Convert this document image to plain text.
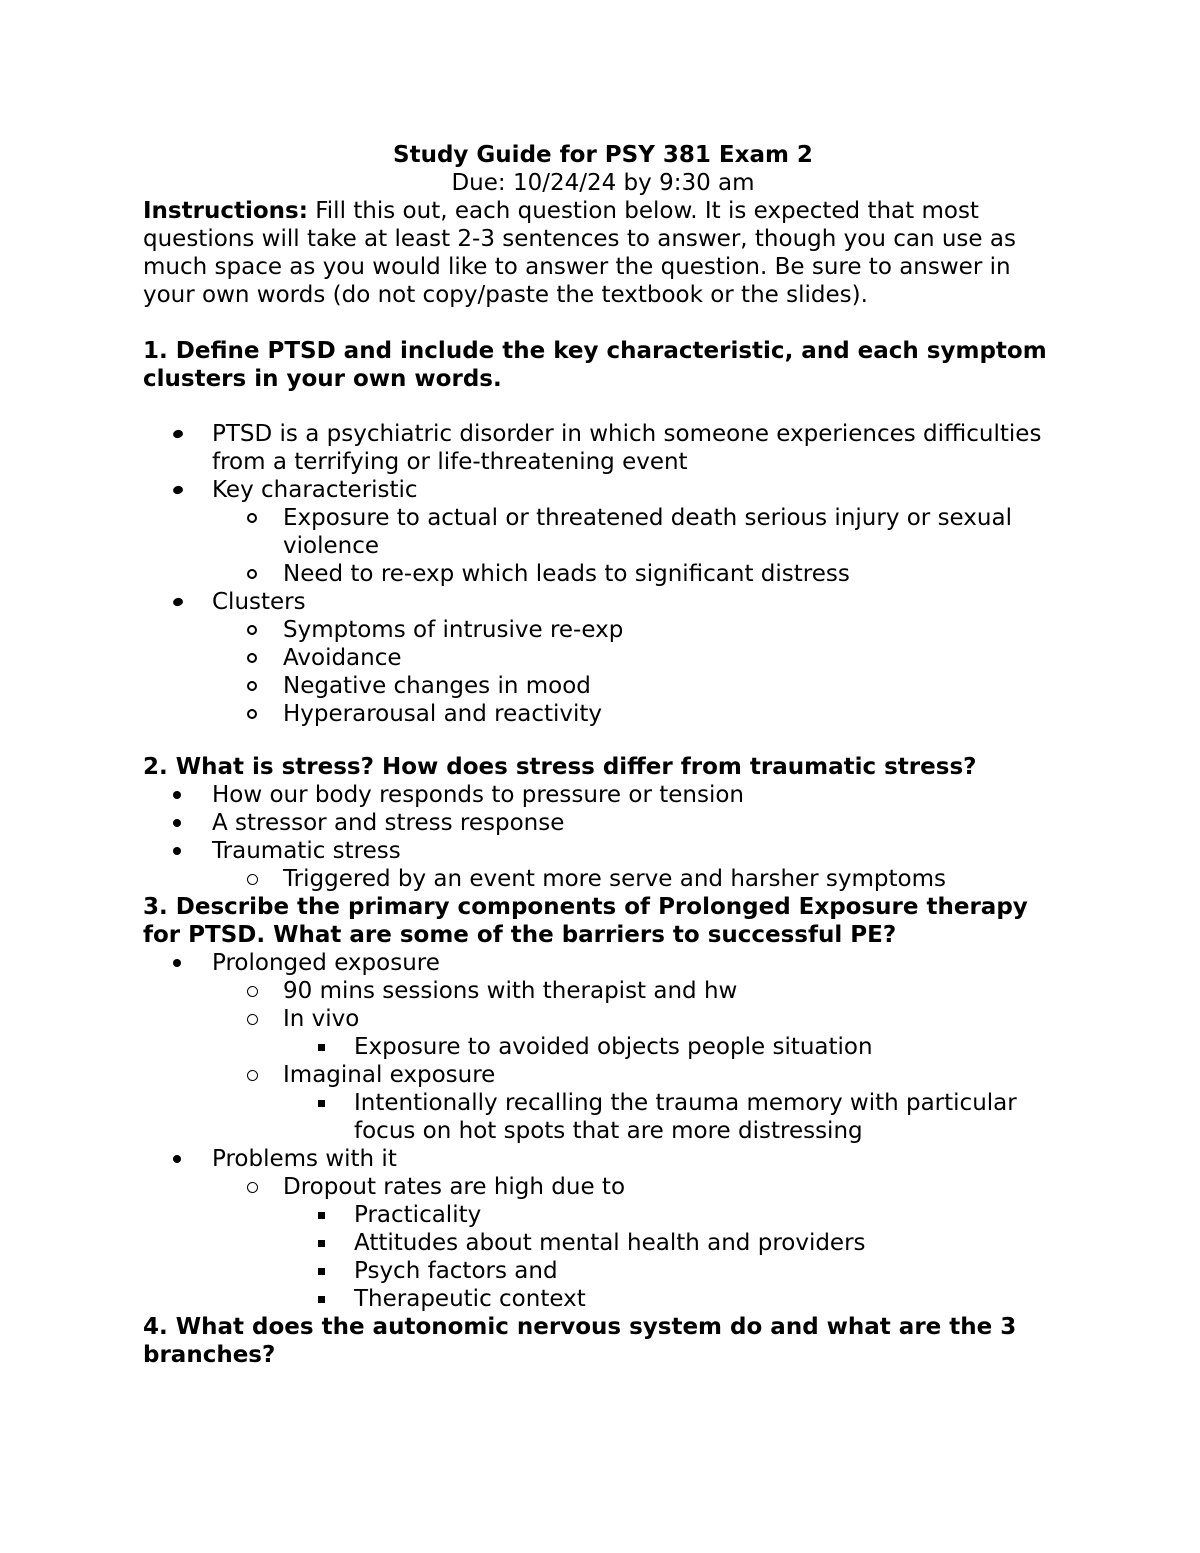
Study Guide for PSY 381 Exam 2

Due: 10/24/24 by 9:30 am

Instructions: Fill this out, each question below. It is expected that most questions will take at least 2-3 sentences to answer, though you can use as much space as you would like to answer the question. Be sure to answer in your own words (do not copy/paste the textbook or the slides).

1. Define PTSD and include the key characteristic, and each symptom clusters in your own words.

PTSD is a psychiatric disorder in which someone experiences difficulties from a terrifying or life-threatening event
Key characteristic
Exposure to actual or threatened death serious injury or sexual violence
Need to re-exp which leads to significant distress
Clusters
Symptoms of intrusive re-exp
Avoidance
Negative changes in mood
Hyperarousal and reactivity

2. What is stress? How does stress differ from traumatic stress?

How our body responds to pressure or tension
A stressor and stress response
Traumatic stress
Triggered by an event more serve and harsher symptoms

3. Describe the primary components of Prolonged Exposure therapy for PTSD. What are some of the barriers to successful PE?

Prolonged exposure
90 mins sessions with therapist and hw
In vivo
Exposure to avoided objects people situation
Imaginal exposure
Intentionally recalling the trauma memory with particular focus on hot spots that are more distressing
Problems with it
Dropout rates are high due to
Practicality
Attitudes about mental health and providers
Psych factors and
Therapeutic context

4. What does the autonomic nervous system do and what are the 3 branches?
